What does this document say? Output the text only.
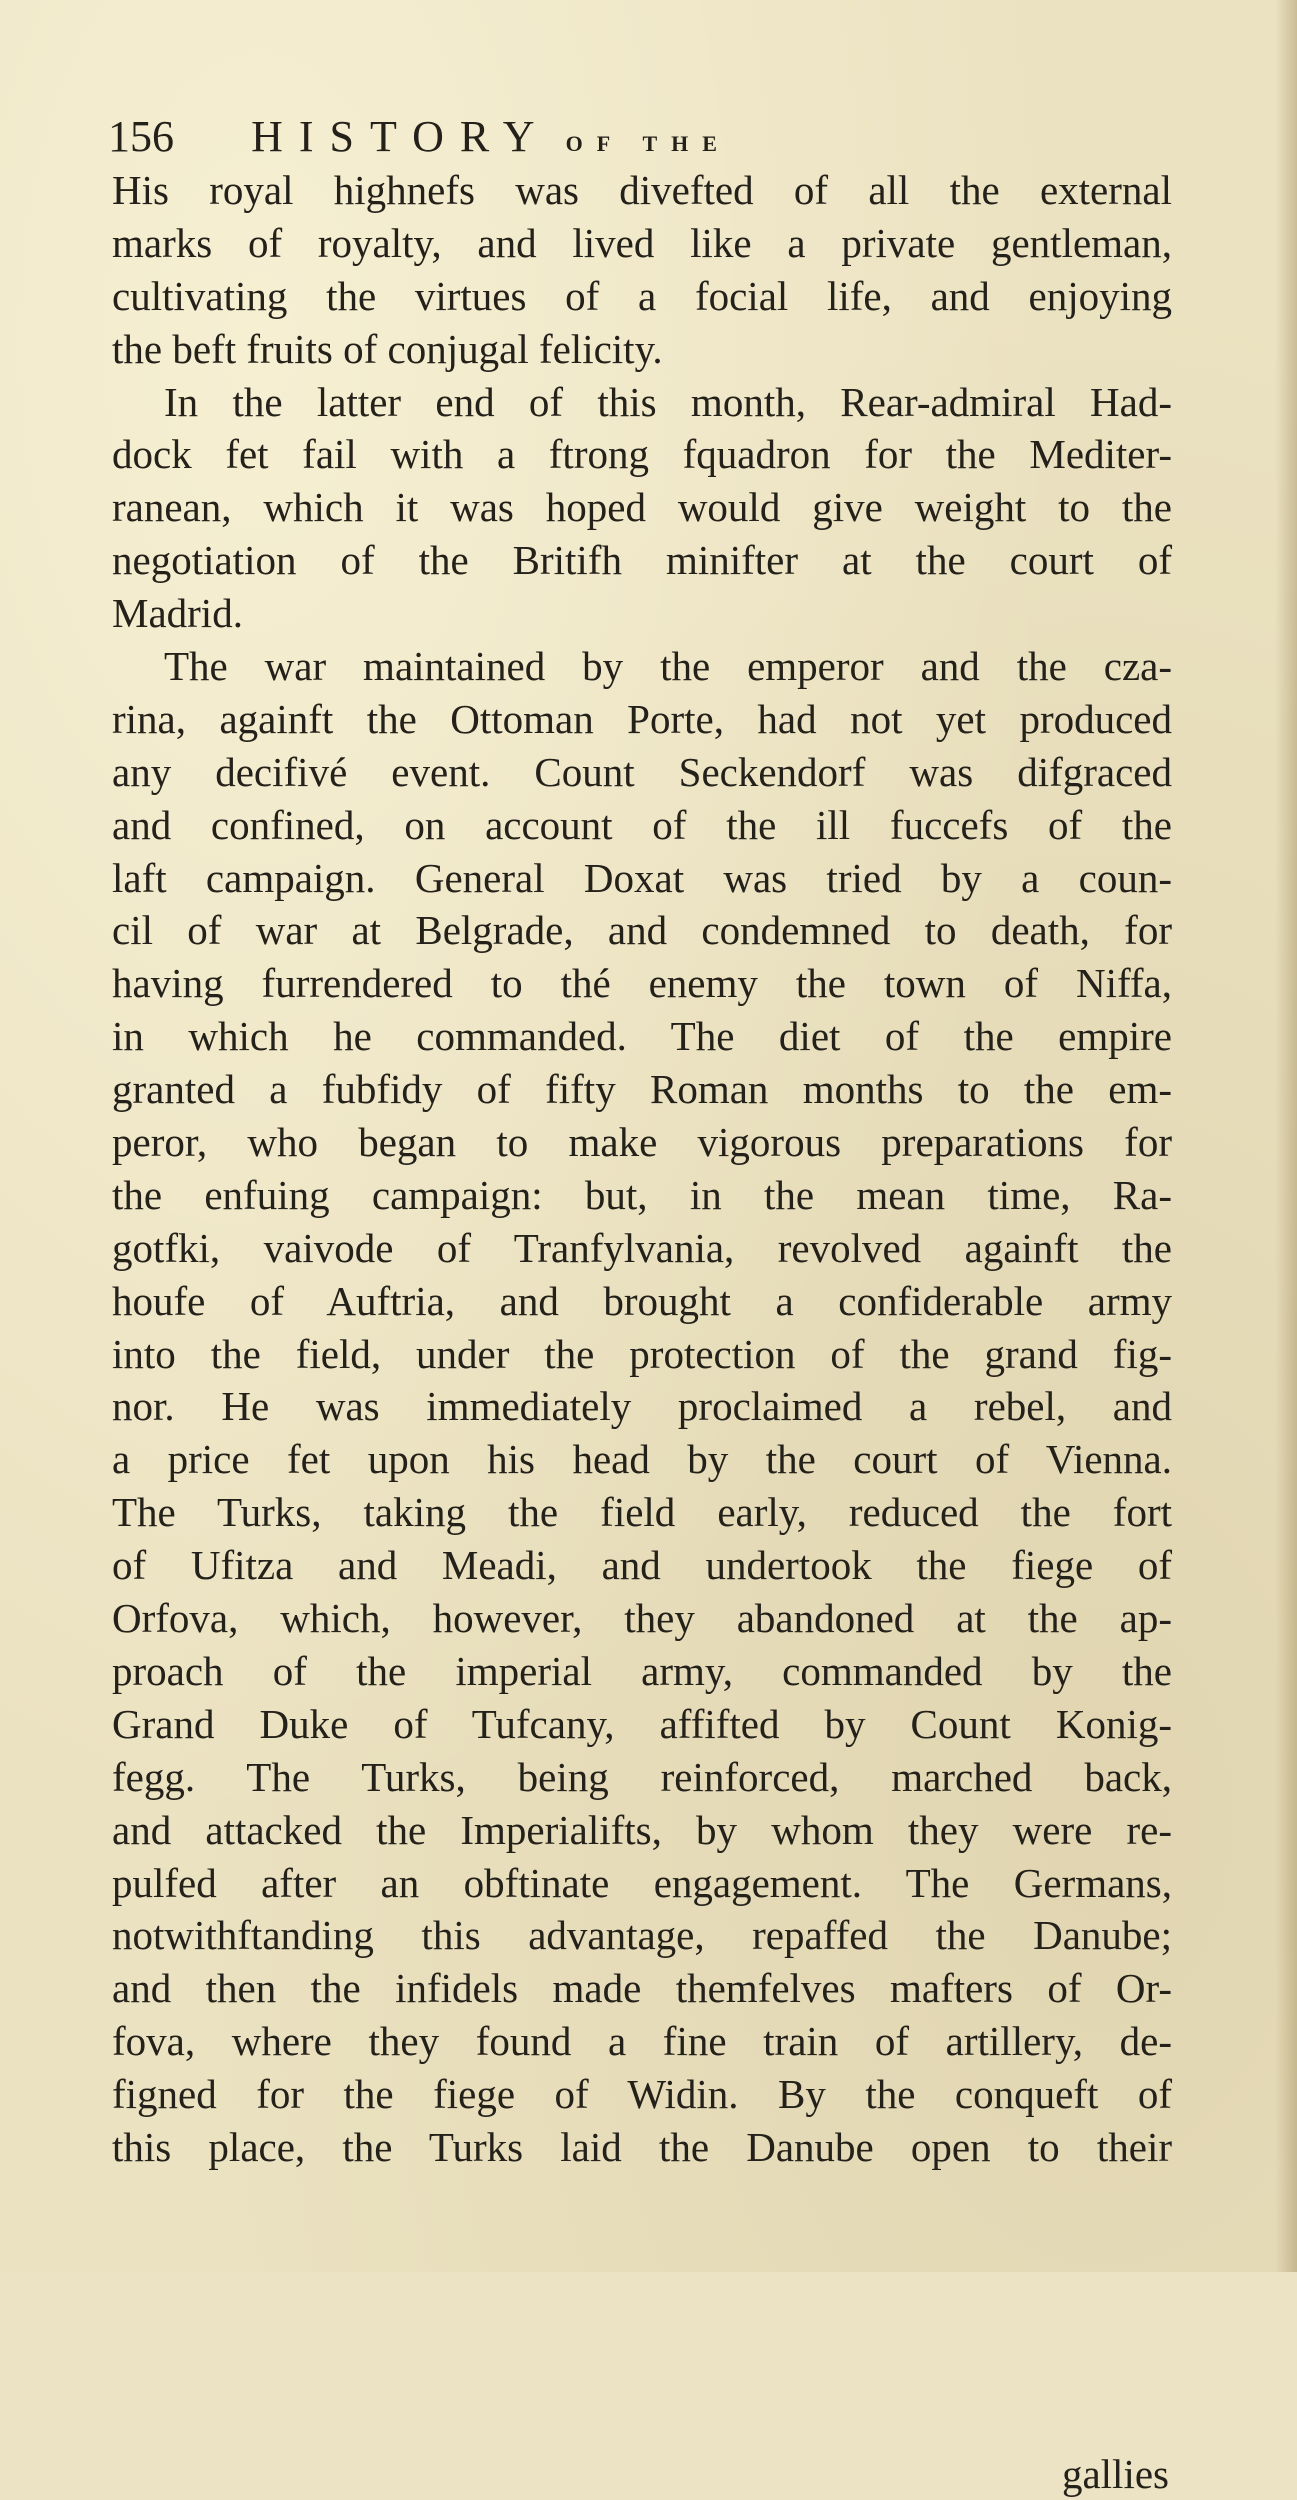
156 HISTORY OF THE
His royal highnefs was divefted of all the external
marks of royalty, and lived like a private gentleman,
cultivating the virtues of a focial life, and enjoying
the beft fruits of conjugal felicity.
In the latter end of this month, Rear-admiral Had-
dock fet fail with a ftrong fquadron for the Mediter-
ranean, which it was hoped would give weight to the
negotiation of the Britifh minifter at the court of
Madrid.
The war maintained by the emperor and the cza-
rina, againft the Ottoman Porte, had not yet produced
any decifivé event. Count Seckendorf was difgraced
and confined, on account of the ill fuccefs of the
laft campaign. General Doxat was tried by a coun-
cil of war at Belgrade, and condemned to death, for
having furrendered to thé enemy the town of Niffa,
in which he commanded. The diet of the empire
granted a fubfidy of fifty Roman months to the em-
peror, who began to make vigorous preparations for
the enfuing campaign: but, in the mean time, Ra-
gotfki, vaivode of Tranfylvania, revolved againft the
houfe of Auftria, and brought a confiderable army
into the field, under the protection of the grand fig-
nor. He was immediately proclaimed a rebel, and
a price fet upon his head by the court of Vienna.
The Turks, taking the field early, reduced the fort
of Ufitza and Meadi, and undertook the fiege of
Orfova, which, however, they abandoned at the ap-
proach of the imperial army, commanded by the
Grand Duke of Tufcany, affifted by Count Konig-
fegg. The Turks, being reinforced, marched back,
and attacked the Imperialifts, by whom they were re-
pulfed after an obftinate engagement. The Germans,
notwithftanding this advantage, repaffed the Danube;
and then the infidels made themfelves mafters of Or-
fova, where they found a fine train of artillery, de-
figned for the fiege of Widin. By the conqueft of
this place, the Turks laid the Danube open to their
gallies
